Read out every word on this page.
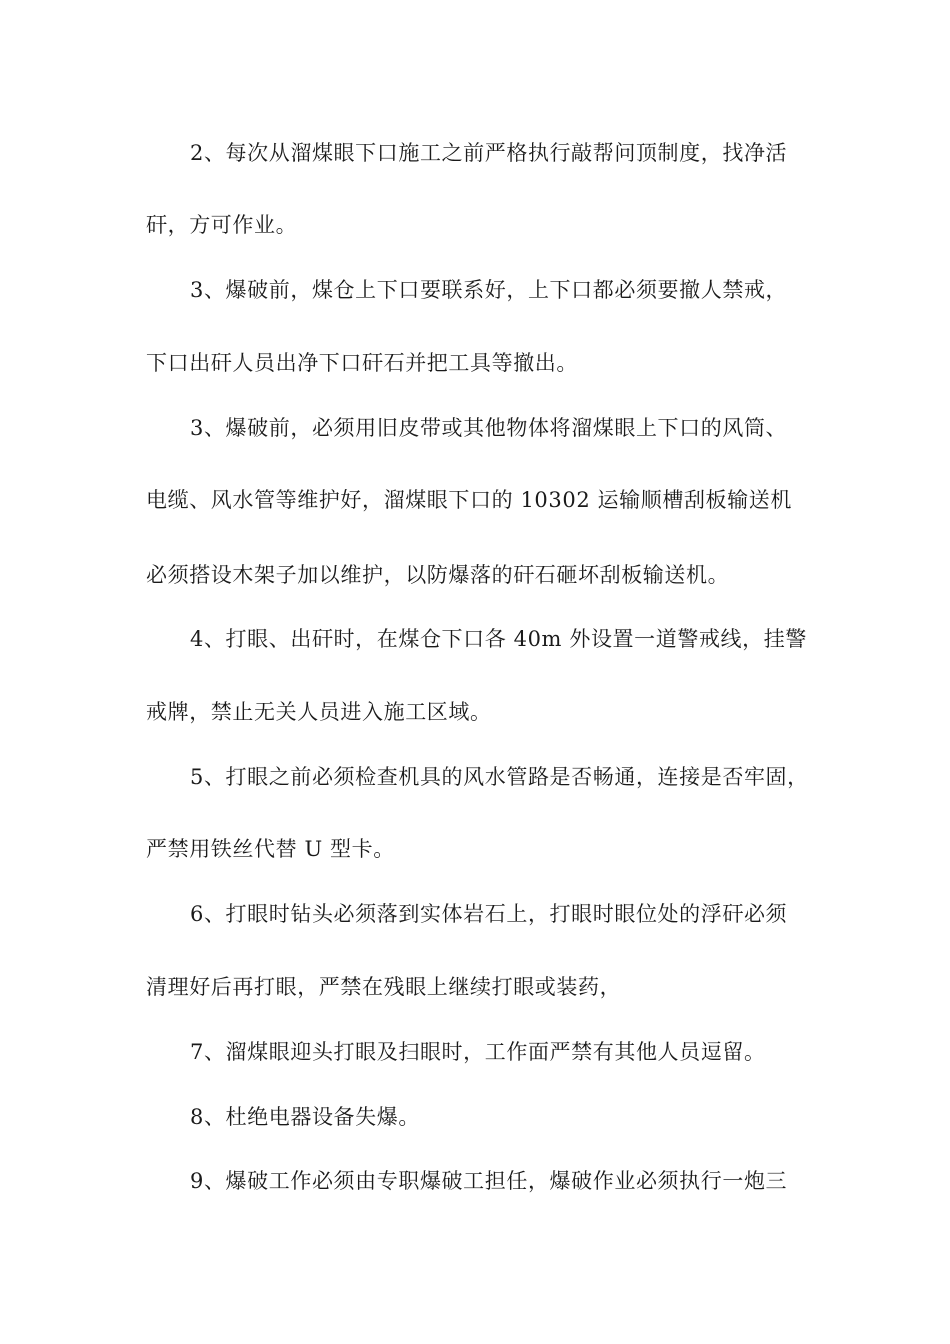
2、每次从溜煤眼下口施工之前严格执行敲帮问顶制度，找净活
矸，方可作业。
3、爆破前，煤仓上下口要联系好，上下口都必须要撤人禁戒，
下口出矸人员出净下口矸石并把工具等撤出。
3、爆破前，必须用旧皮带或其他物体将溜煤眼上下口的风筒、
电缆、风水管等维护好，溜煤眼下口的 10302 运输顺槽刮板输送机
必须搭设木架子加以维护，以防爆落的矸石砸坏刮板输送机。
4、打眼、出矸时，在煤仓下口各 40m 外设置一道警戒线，挂警
戒牌，禁止无关人员进入施工区域。
5、打眼之前必须检查机具的风水管路是否畅通，连接是否牢固，
严禁用铁丝代替 U 型卡。
6、打眼时钻头必须落到实体岩石上，打眼时眼位处的浮矸必须
清理好后再打眼，严禁在残眼上继续打眼或装药，
7、溜煤眼迎头打眼及扫眼时，工作面严禁有其他人员逗留。
8、杜绝电器设备失爆。
9、爆破工作必须由专职爆破工担任，爆破作业必须执行一炮三
